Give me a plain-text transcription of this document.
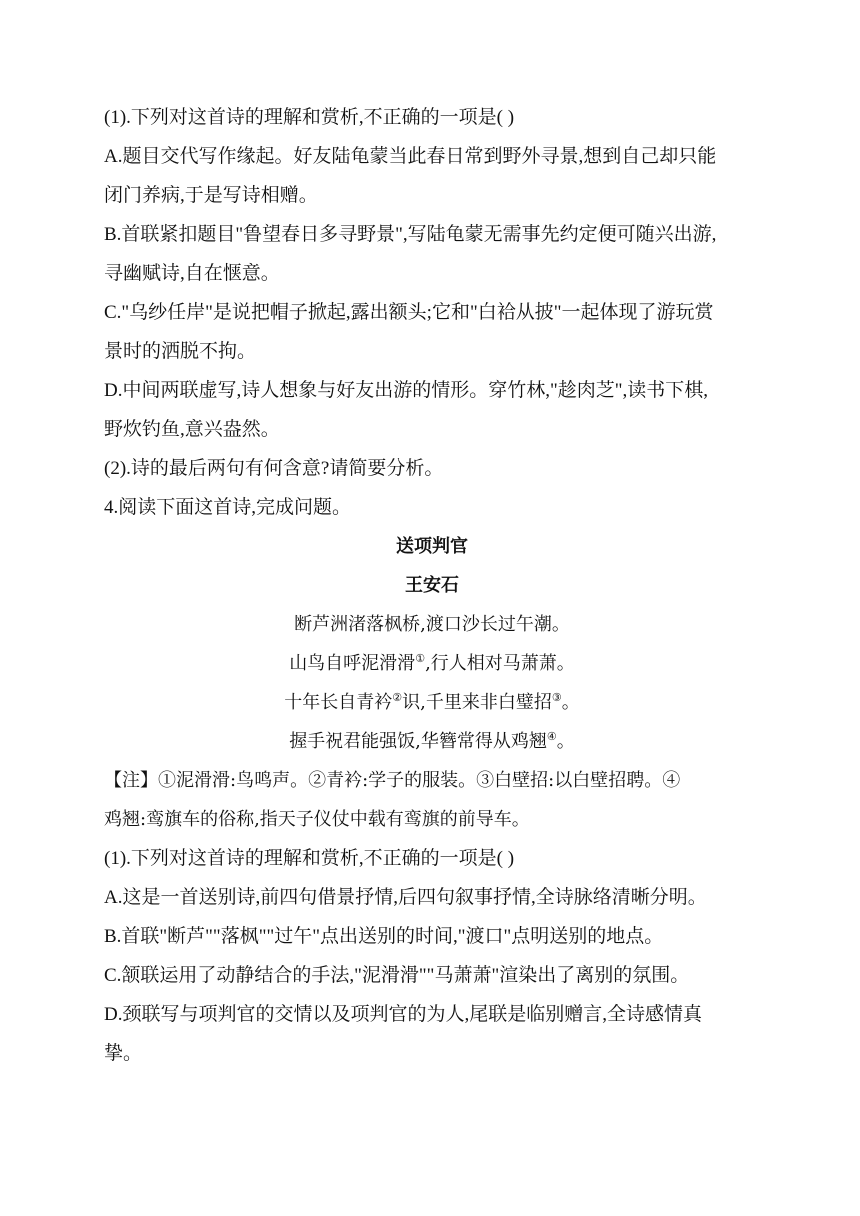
(1).下列对这首诗的理解和赏析,不正确的一项是( )
A.题目交代写作缘起。好友陆龟蒙当此春日常到野外寻景,想到自己却只能
闭门养病,于是写诗相赠。
B.首联紧扣题目"鲁望春日多寻野景",写陆龟蒙无需事先约定便可随兴出游,
寻幽赋诗,自在惬意。
C."乌纱任岸"是说把帽子掀起,露出额头;它和"白袷从披"一起体现了游玩赏
景时的洒脱不拘。
D.中间两联虚写,诗人想象与好友出游的情形。穿竹林,"趁肉芝",读书下棋,
野炊钓鱼,意兴盎然。
(2).诗的最后两句有何含意?请简要分析。
4.阅读下面这首诗,完成问题。
送项判官
王安石
断芦洲渚落枫桥,渡口沙长过午潮。
山鸟自呼泥滑滑①,行人相对马萧萧。
十年长自青衿②识,千里来非白璧招③。
握手祝君能强饭,华簪常得从鸡翘④。
【注】①泥滑滑:鸟鸣声。②青衿:学子的服装。③白壁招:以白壁招聘。④
鸡翘:鸾旗车的俗称,指天子仪仗中载有鸾旗的前导车。
(1).下列对这首诗的理解和赏析,不正确的一项是( )
A.这是一首送别诗,前四句借景抒情,后四句叙事抒情,全诗脉络清晰分明。
B.首联"断芦""落枫""过午"点出送别的时间,"渡口"点明送别的地点。
C.颔联运用了动静结合的手法,"泥滑滑""马萧萧"渲染出了离别的氛围。
D.颈联写与项判官的交情以及项判官的为人,尾联是临别赠言,全诗感情真
挚。
